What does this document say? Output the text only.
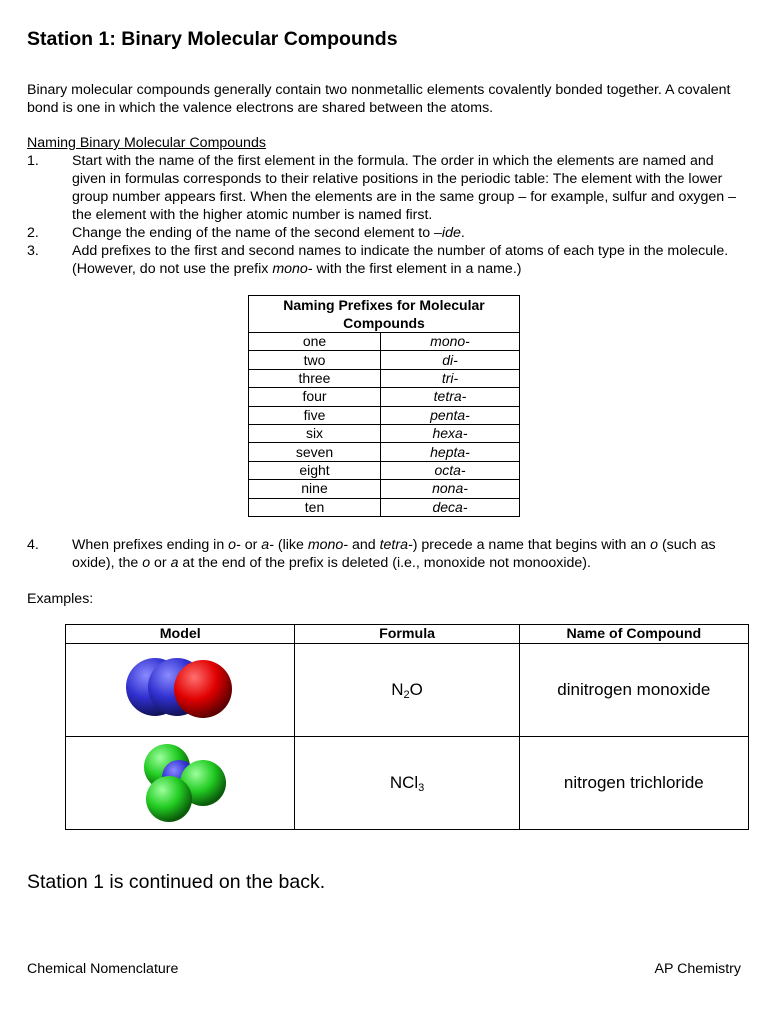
Station 1: Binary Molecular Compounds
Binary molecular compounds generally contain two nonmetallic elements covalently bonded together. A covalent bond is one in which the valence electrons are shared between the atoms.
Naming Binary Molecular Compounds
1. Start with the name of the first element in the formula. The order in which the elements are named and given in formulas corresponds to their relative positions in the periodic table: The element with the lower group number appears first. When the elements are in the same group – for example, sulfur and oxygen – the element with the higher atomic number is named first.
2. Change the ending of the name of the second element to –ide.
3. Add prefixes to the first and second names to indicate the number of atoms of each type in the molecule. (However, do not use the prefix mono- with the first element in a name.)
Naming Prefixes for Molecular Compounds	
one	mono-
two	di-
three	tri-
four	tetra-
five	penta-
six	hexa-
seven	hepta-
eight	octa-
nine	nona-
ten	deca-
4. When prefixes ending in o- or a- (like mono- and tetra-) precede a name that begins with an o (such as oxide), the o or a at the end of the prefix is deleted (i.e., monoxide not monooxide).
Examples:
Model	Formula	Name of Compound
	$N_2O$	dinitrogen monoxide
	NCl$_3$	nitrogen trichloride
Station 1 is continued on the back.
Chemical Nomenclature	AP Chemistry
